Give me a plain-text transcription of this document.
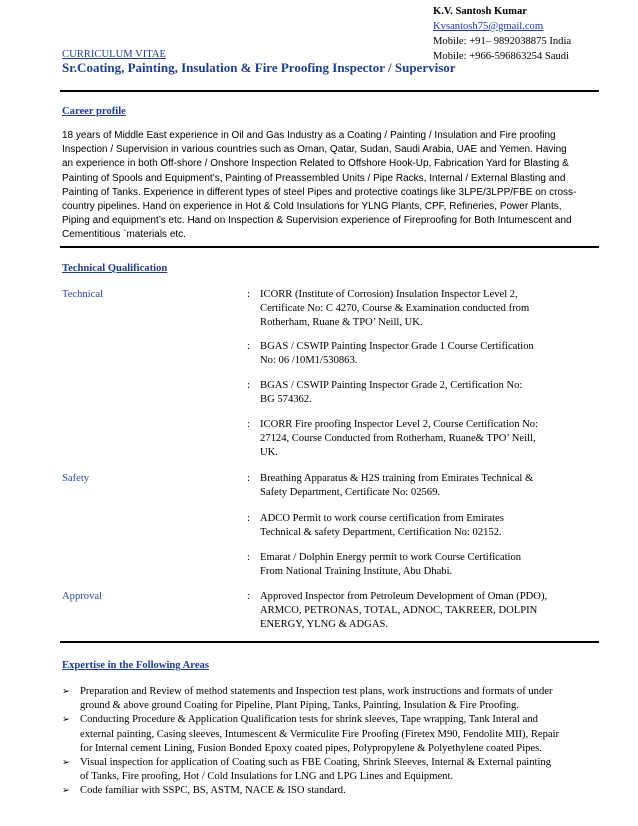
K.V. Santosh Kumar
Kvsantosh75@gmail.com
Mobile: +91– 9892038875 India
Mobile: +966-596863254 Saudi
CURRICULUM VITAE
Sr.Coating, Painting, Insulation & Fire Proofing Inspector / Supervisor
Career profile
18 years of Middle East experience in Oil and Gas Industry as a Coating / Painting / Insulation and Fire proofing
Inspection / Supervision in various countries such as Oman, Qatar, Sudan, Saudi Arabia, UAE and Yemen. Having
an experience in both Off-shore / Onshore Inspection Related to Offshore Hook-Up, Fabrication Yard for Blasting &
Painting of Spools and Equipment’s, Painting of Preassembled Units / Pipe Racks, Internal / External Blasting and
Painting of Tanks. Experience in different types of steel Pipes and protective coatings like 3LPE/3LPP/FBE on cross-
country pipelines. Hand on experience in Hot & Cold Insulations for YLNG Plants, CPF, Refineries, Power Plants,
Piping and equipment’s etc. Hand on Inspection & Supervision experience of Fireproofing for Both Intumescent and
Cementitious `materials etc.
Technical Qualification
Technical
Safety
Approval
: ICORR (Institute of Corrosion) Insulation Inspector Level 2,
Certificate No: C 4270, Course & Examination conducted from
Rotherham, Ruane & TPO’ Neill, UK.
: BGAS / CSWIP Painting Inspector Grade 1 Course Certification
No: 06 /10M1/530863.
: BGAS / CSWIP Painting Inspector Grade 2, Certification No:
BG 574362.
: ICORR Fire proofing Inspector Level 2, Course Certification No:
27124, Course Conducted from Rotherham, Ruane& TPO’ Neill,
UK.
: Breathing Apparatus & H2S training from Emirates Technical &
Safety Department, Certificate No: 02569.
: ADCO Permit to work course certification from Emirates
Technical & safety Department, Certification No: 02152.
: Emarat / Dolphin Energy permit to work Course Certification
From National Training Institute, Abu Dhabi.
: Approved Inspector from Petroleum Development of Oman (PDO),
ARMCO, PETRONAS, TOTAL, ADNOC, TAKREER, DOLPIN
ENERGY, YLNG & ADGAS.
Expertise in the Following Areas
➢ Preparation and Review of method statements and Inspection test plans, work instructions and formats of under
ground & above ground Coating for Pipeline, Plant Piping, Tanks, Painting, Insulation & Fire Proofing.
➢ Conducting Procedure & Application Qualification tests for shrink sleeves, Tape wrapping, Tank Interal and
external painting, Casing sleeves, Intumescent & Vermiculite Fire Proofing (Firetex M90, Fendolite MII), Repair
for Internal cement Lining, Fusion Bonded Epoxy coated pipes, Polypropylene & Polyethylene coated Pipes.
➢ Visual inspection for application of Coating such as FBE Coating, Shrink Sleeves, Internal & External painting
of Tanks, Fire proofing, Hot / Cold Insulations for LNG and LPG Lines and Equipment.
➢ Code familiar with SSPC, BS, ASTM, NACE & ISO standard.
